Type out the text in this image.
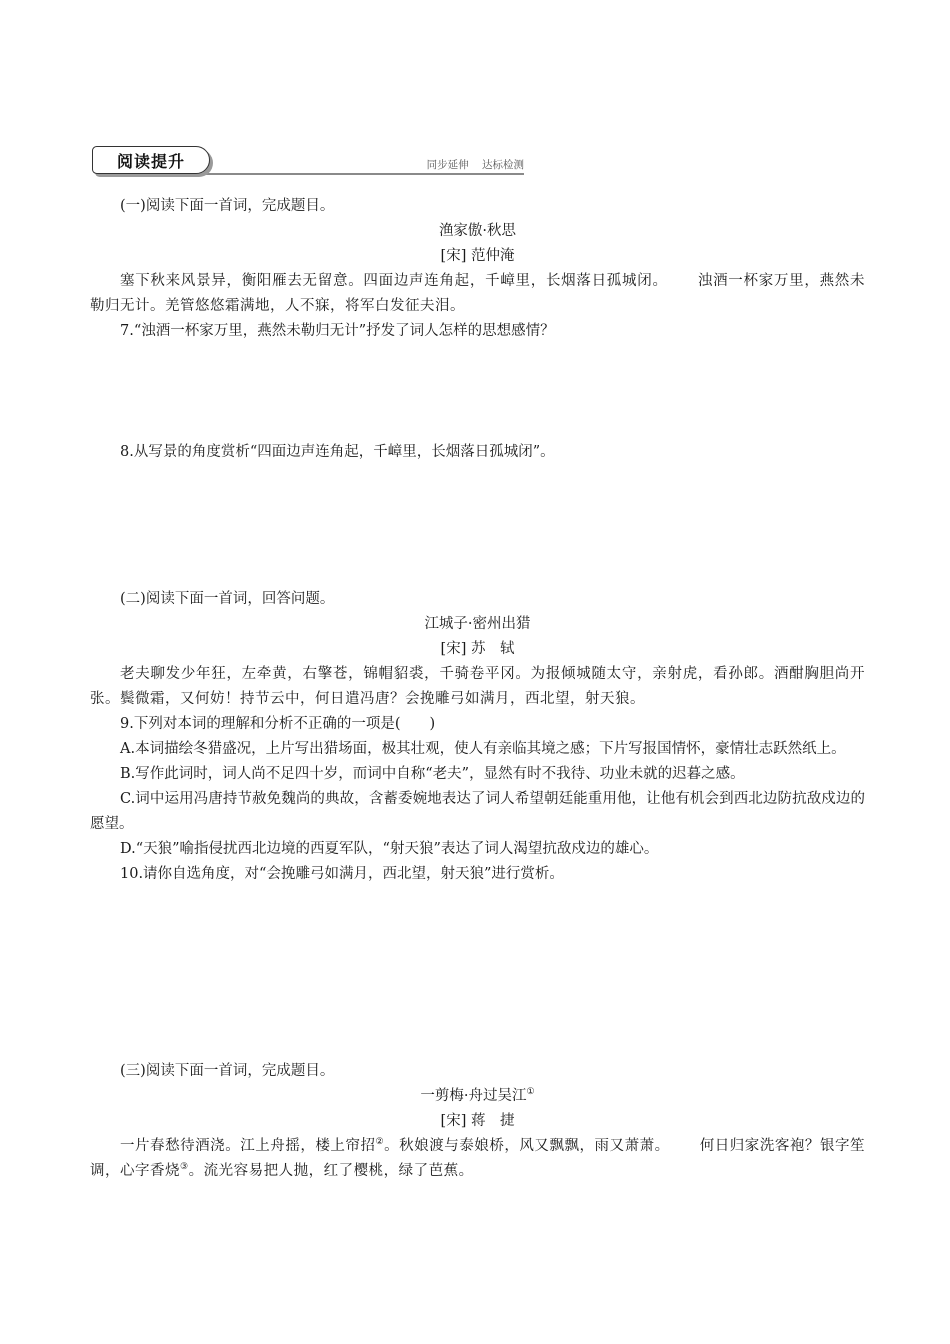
阅读提升	同步延伸 达标检测

(一)阅读下面一首词，完成题目。

渔家傲·秋思

[宋] 范仲淹

塞下秋来风景异，衡阳雁去无留意。四面边声连角起，千嶂里，长烟落日孤城闭。 浊酒一杯家万里，燕然未勒归无计。羌管悠悠霜满地，人不寐，将军白发征夫泪。

7.“浊酒一杯家万里，燕然未勒归无计”抒发了词人怎样的思想感情？

8.从写景的角度赏析“四面边声连角起，千嶂里，长烟落日孤城闭”。

(二)阅读下面一首词，回答问题。

江城子·密州出猎

[宋] 苏　轼

老夫聊发少年狂，左牵黄，右擎苍，锦帽貂裘，千骑卷平冈。为报倾城随太守，亲射虎，看孙郎。酒酣胸胆尚开张。鬓微霜，又何妨！持节云中，何日遣冯唐？会挽雕弓如满月，西北望，射天狼。

9.下列对本词的理解和分析不正确的一项是(　　)

A.本词描绘冬猎盛况，上片写出猎场面，极其壮观，使人有亲临其境之感；下片写报国情怀，豪情壮志跃然纸上。

B.写作此词时，词人尚不足四十岁，而词中自称“老夫”，显然有时不我待、功业未就的迟暮之感。

C.词中运用冯唐持节赦免魏尚的典故，含蓄委婉地表达了词人希望朝廷能重用他，让他有机会到西北边防抗敌戍边的愿望。

D.“天狼”喻指侵扰西北边境的西夏军队，“射天狼”表达了词人渴望抗敌戍边的雄心。

10.请你自选角度，对“会挽雕弓如满月，西北望，射天狼”进行赏析。

(三)阅读下面一首词，完成题目。

一剪梅·舟过吴江①

[宋] 蒋　捷

一片春愁待酒浇。江上舟摇，楼上帘招②。秋娘渡与泰娘桥，风又飘飘，雨又萧萧。 何日归家洗客袍？银字笙调，心字香烧③。流光容易把人抛，红了樱桃，绿了芭蕉。
